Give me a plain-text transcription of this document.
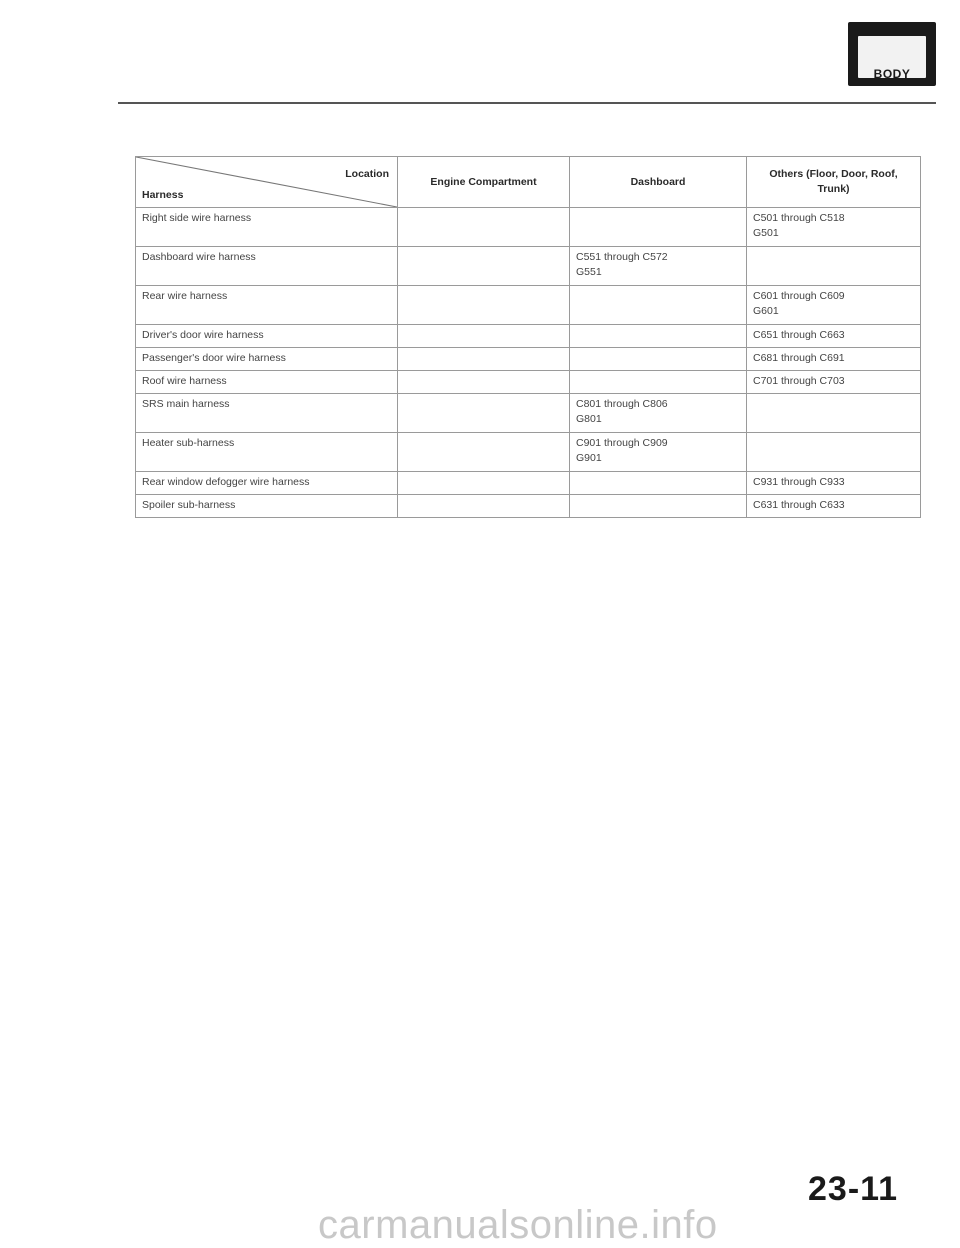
BODY
− +
Location
Harness	Engine Compartment	Dashboard	Others (Floor, Door, Roof, Trunk)
Right side wire harness			C501 through C518
G501

Dashboard wire harness		C551 through C572
G551	

Rear wire harness			C601 through C609
G601

Driver's door wire harness			C651 through C663

Passenger's door wire harness			C681 through C691

Roof wire harness			C701 through C703

SRS main harness		C801 through C806
G801	

Heater sub-harness		C901 through C909
G901	

Rear window defogger wire harness			C931 through C933

Spoiler sub-harness			C631 through C633
23-11
carmanualsonline.info
